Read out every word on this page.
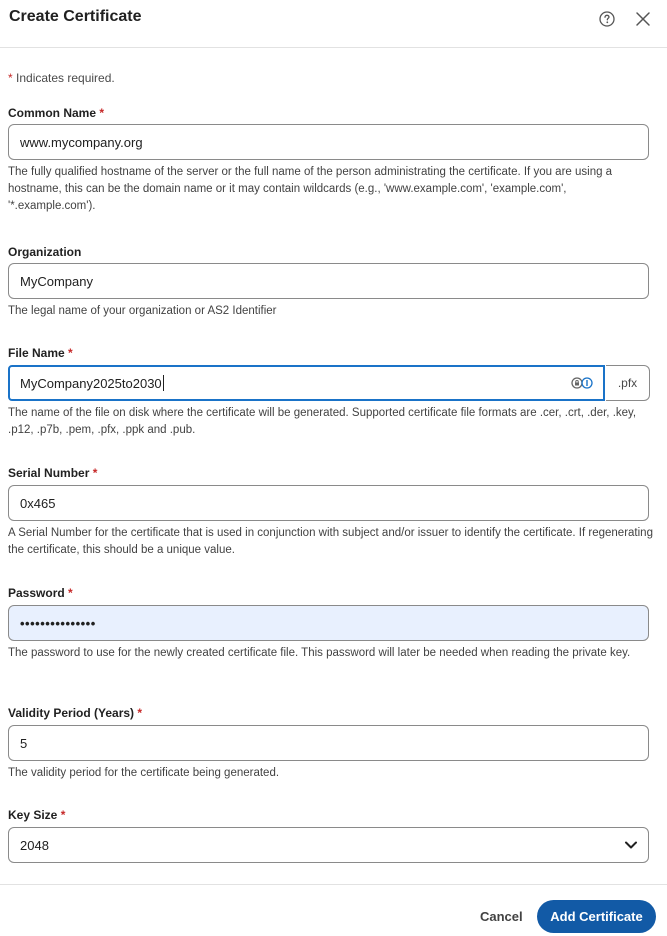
Create Certificate
* Indicates required.
Common Name *
www.mycompany.org
The fully qualified hostname of the server or the full name of the person administrating the certificate. If you are using a hostname, this can be the domain name or it may contain wildcards (e.g., 'www.example.com', 'example.com', '*.example.com').
Organization
MyCompany
The legal name of your organization or AS2 Identifier
File Name *
MyCompany2025to2030	.pfx
The name of the file on disk where the certificate will be generated. Supported certificate file formats are .cer, .crt, .der, .key, .p12, .p7b, .pem, .pfx, .ppk and .pub.
Serial Number *
0x465
A Serial Number for the certificate that is used in conjunction with subject and/or issuer to identify the certificate. If regenerating the certificate, this should be a unique value.
Password *
•••••••••••••••
The password to use for the newly created certificate file. This password will later be needed when reading the private key.
Validity Period (Years) *
5
The validity period for the certificate being generated.
Key Size *
2048
Cancel	Add Certificate
